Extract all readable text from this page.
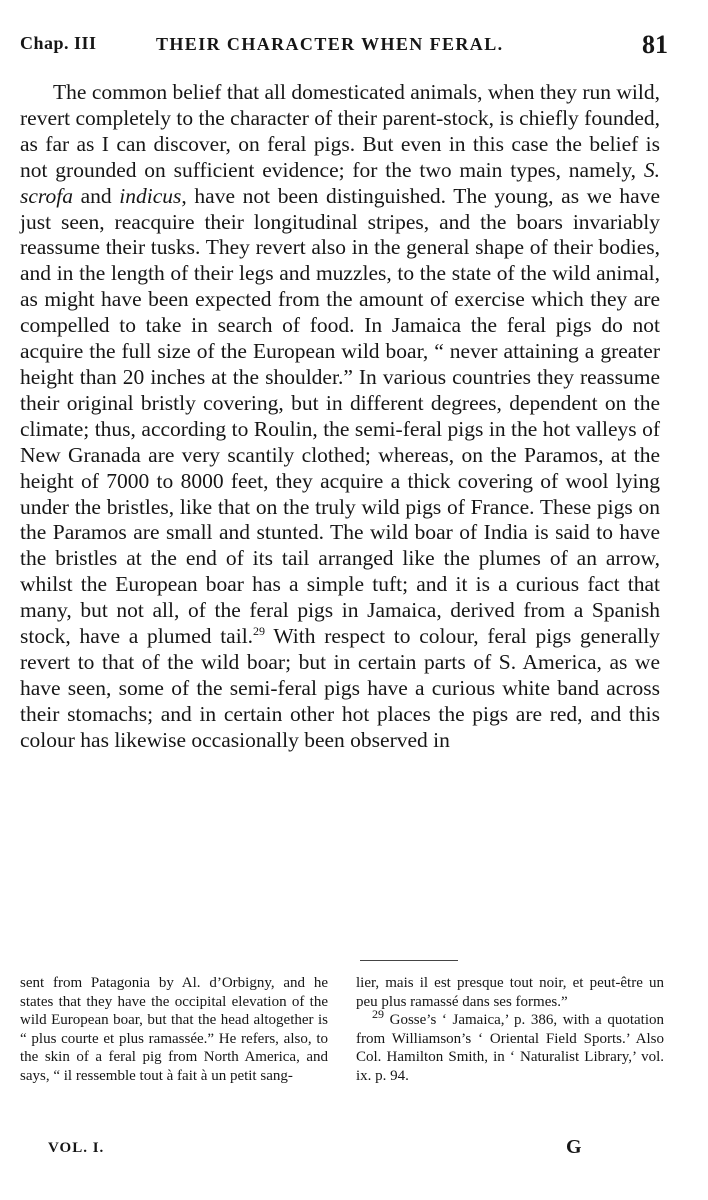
Chap. III	THEIR CHARACTER WHEN FERAL.	81

The common belief that all domesticated animals, when they run wild, revert completely to the character of their parent-stock, is chiefly founded, as far as I can discover, on feral pigs. But even in this case the belief is not grounded on sufficient evidence; for the two main types, namely, S. scrofa and indicus, have not been distinguished. The young, as we have just seen, reacquire their longitudinal stripes, and the boars invariably reassume their tusks. They revert also in the general shape of their bodies, and in the length of their legs and muzzles, to the state of the wild animal, as might have been expected from the amount of exercise which they are compelled to take in search of food. In Jamaica the feral pigs do not acquire the full size of the European wild boar, “ never attaining a greater height than 20 inches at the shoulder.” In various countries they reassume their original bristly covering, but in different degrees, dependent on the climate; thus, according to Roulin, the semi-feral pigs in the hot valleys of New Granada are very scantily clothed; whereas, on the Paramos, at the height of 7000 to 8000 feet, they acquire a thick covering of wool lying under the bristles, like that on the truly wild pigs of France. These pigs on the Paramos are small and stunted. The wild boar of India is said to have the bristles at the end of its tail arranged like the plumes of an arrow, whilst the European boar has a simple tuft; and it is a curious fact that many, but not all, of the feral pigs in Jamaica, derived from a Spanish stock, have a plumed tail.$^{29}$ With respect to colour, feral pigs generally revert to that of the wild boar; but in certain parts of S. America, as we have seen, some of the semi-feral pigs have a curious white band across their stomachs; and in certain other hot places the pigs are red, and this colour has likewise occasionally been observed in

sent from Patagonia by Al. d’Orbigny, and he states that they have the occipital elevation of the wild European boar, but that the head altogether is “ plus courte et plus ramassée.” He refers, also, to the skin of a feral pig from North America, and says, “ il ressemble tout à fait à un petit sang-

lier, mais il est presque tout noir, et peut-être un peu plus ramassé dans ses formes.”

$^{29}$ Gosse’s ‘ Jamaica,’ p. 386, with a quotation from Williamson’s ‘ Oriental Field Sports.’ Also Col. Hamilton Smith, in ‘ Naturalist Library,’ vol. ix. p. 94.

VOL. I.	G
